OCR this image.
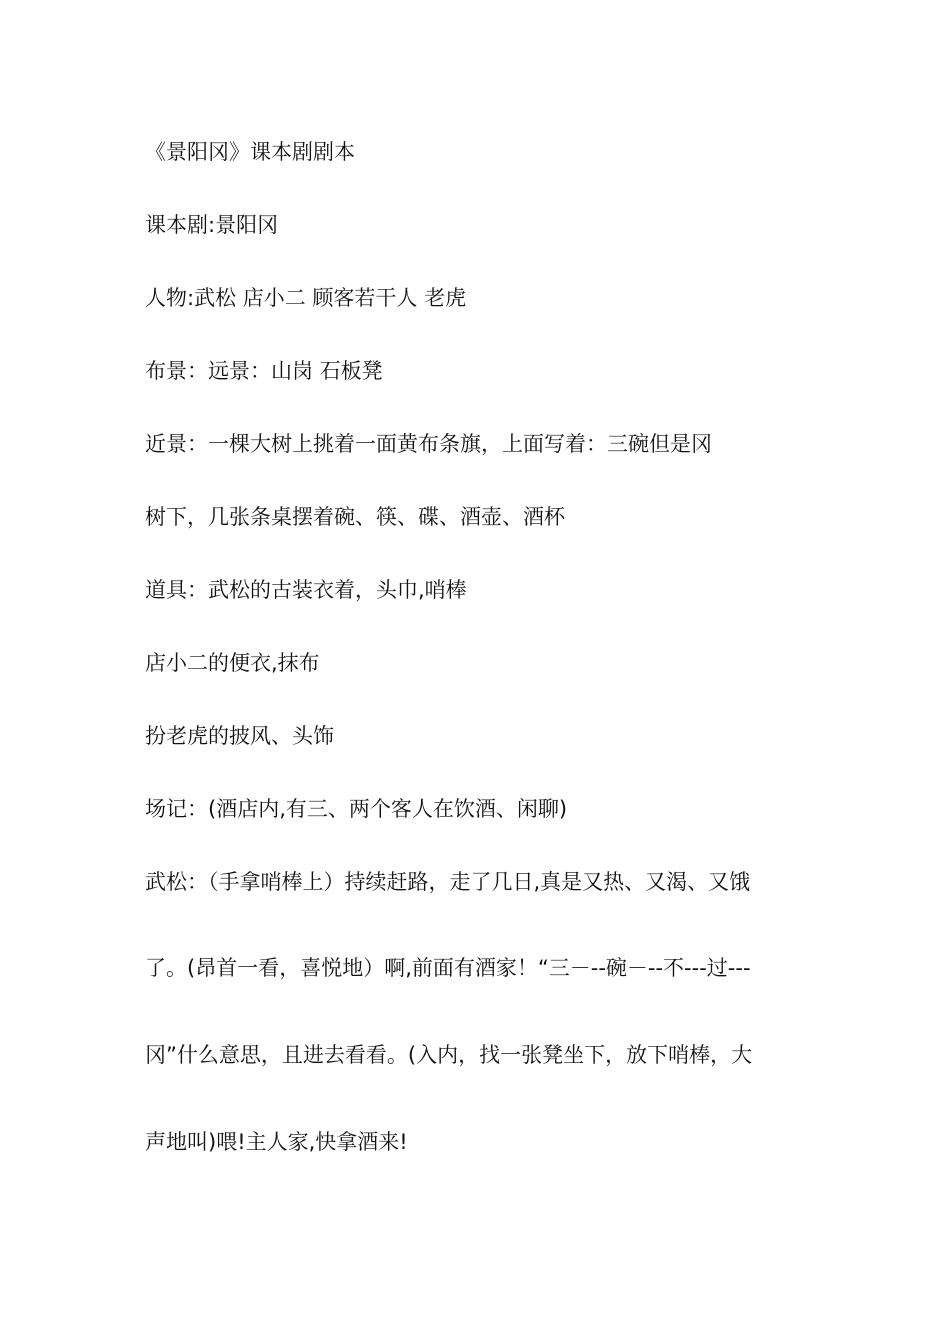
《景阳冈》课本剧剧本
课本剧:景阳冈
人物:武松 店小二 顾客若干人 老虎
布景：远景：山岗 石板凳
近景：一棵大树上挑着一面黄布条旗，上面写着：三碗但是冈
树下，几张条桌摆着碗、筷、碟、酒壶、酒杯
道具：武松的古装衣着，头巾,哨棒
店小二的便衣,抹布
扮老虎的披风、头饰
场记：(酒店内,有三、两个客人在饮酒、闲聊)
武松：（手拿哨棒上）持续赶路，走了几日,真是又热、又渴、又饿
了。(昂首一看，喜悦地）啊,前面有酒家！“三－--碗－--不---过---
冈”什么意思，且进去看看。(入内，找一张凳坐下，放下哨棒，大
声地叫)喂!主人家,快拿酒来!
